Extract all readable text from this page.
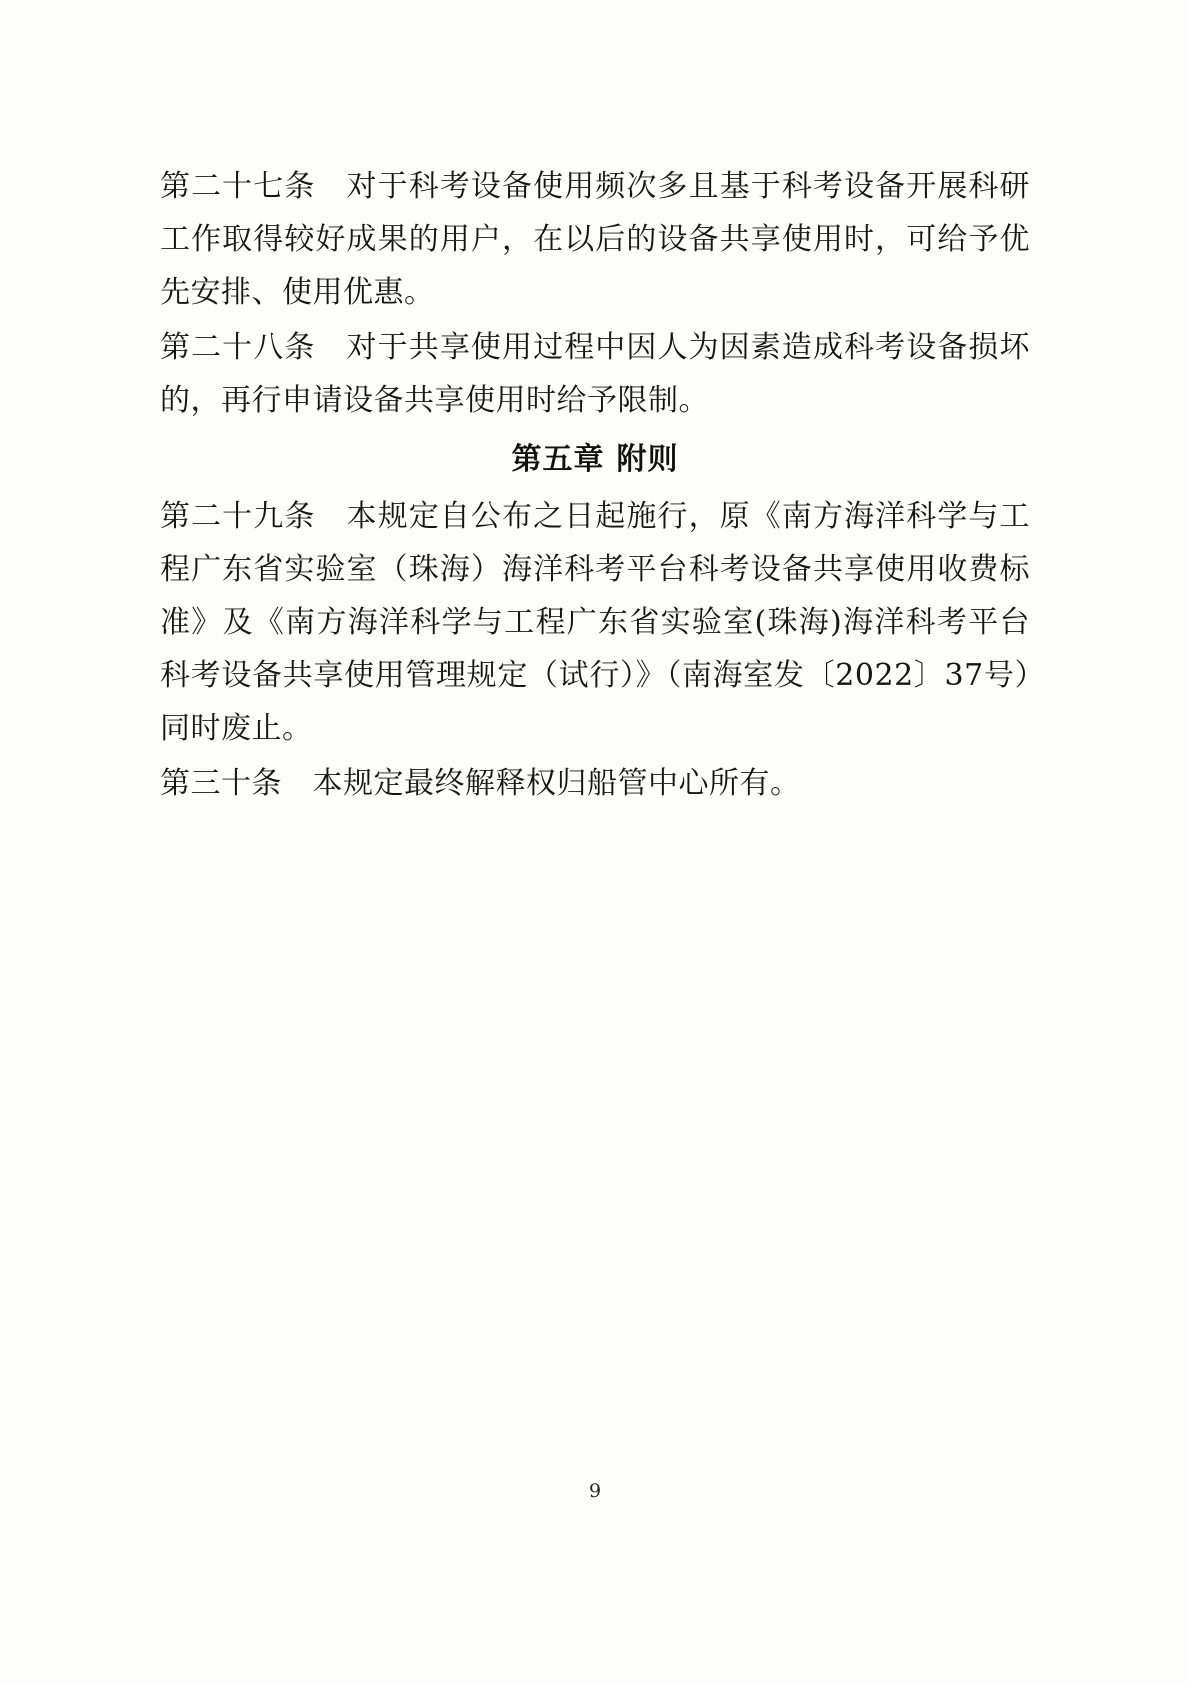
第二十七条　对于科考设备使用频次多且基于科考设备开展科研工作取得较好成果的用户，在以后的设备共享使用时，可给予优先安排、使用优惠。

第二十八条　对于共享使用过程中因人为因素造成科考设备损坏的，再行申请设备共享使用时给予限制。

第五章 附则

第二十九条　本规定自公布之日起施行，原《南方海洋科学与工程广东省实验室（珠海）海洋科考平台科考设备共享使用收费标准》及《南方海洋科学与工程广东省实验室(珠海)海洋科考平台科考设备共享使用管理规定（试行）》（南海室发〔2022〕37号）同时废止。

第三十条　本规定最终解释权归船管中心所有。

9
